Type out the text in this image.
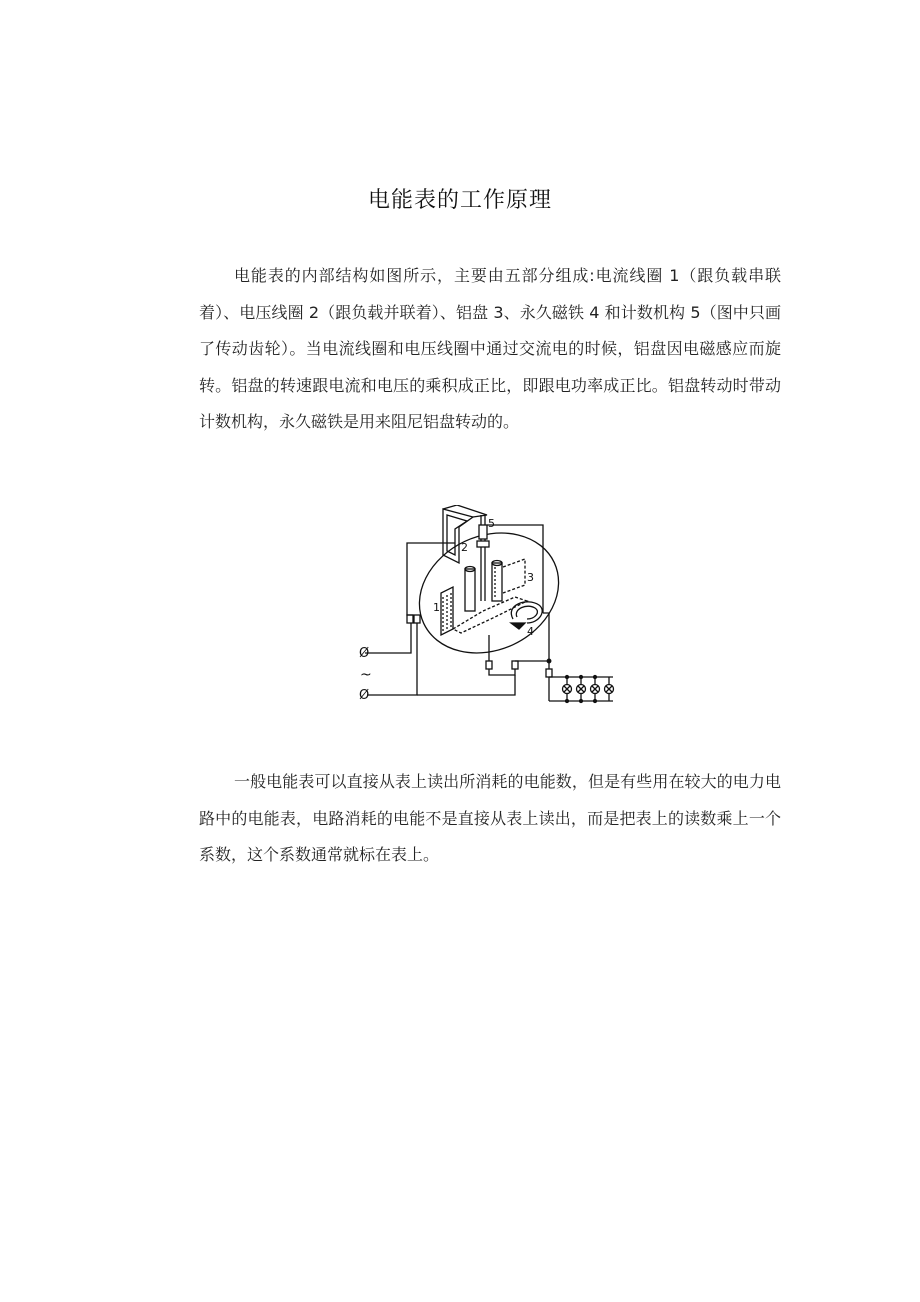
电能表的工作原理

电能表的内部结构如图所示，主要由五部分组成:电流线圈 1（跟负载串联着）、电压线圈 2（跟负载并联着）、铝盘 3、永久磁铁 4 和计数机构 5（图中只画了传动齿轮）。当电流线圈和电压线圈中通过交流电的时候，铝盘因电磁感应而旋转。铝盘的转速跟电流和电压的乘积成正比，即跟电功率成正比。铝盘转动时带动计数机构，永久磁铁是用来阻尼铝盘转动的。

1
2
3
4
5
Ø
~
Ø

一般电能表可以直接从表上读出所消耗的电能数，但是有些用在较大的电力电路中的电能表，电路消耗的电能不是直接从表上读出，而是把表上的读数乘上一个系数，这个系数通常就标在表上。
